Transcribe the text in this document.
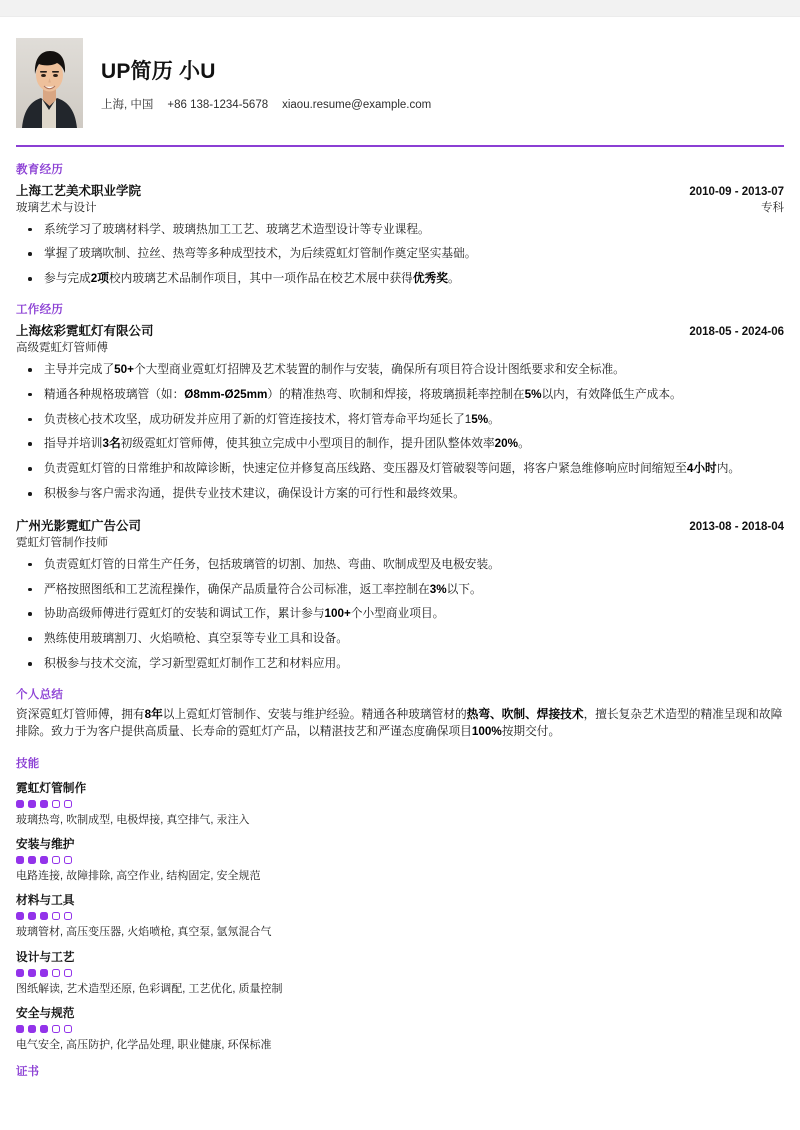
UP简历 小U
上海, 中国 +86 138-1234-5678 xiaou.resume@example.com
教育经历
上海工艺美术职业学院	2010-09 - 2013-07
玻璃艺术与设计	专科
系统学习了玻璃材料学、玻璃热加工工艺、玻璃艺术造型设计等专业课程。
掌握了玻璃吹制、拉丝、热弯等多种成型技术，为后续霓虹灯管制作奠定坚实基础。
参与完成2项校内玻璃艺术品制作项目，其中一项作品在校艺术展中获得优秀奖。
工作经历
上海炫彩霓虹灯有限公司	2018-05 - 2024-06
高级霓虹灯管师傅
主导并完成了50+个大型商业霓虹灯招牌及艺术装置的制作与安装，确保所有项目符合设计图纸要求和安全标准。
精通各种规格玻璃管（如：Ø8mm-Ø25mm）的精准热弯、吹制和焊接，将玻璃损耗率控制在5%以内，有效降低生产成本。
负责核心技术攻坚，成功研发并应用了新的灯管连接技术，将灯管寿命平均延长了15%。
指导并培训3名初级霓虹灯管师傅，使其独立完成中小型项目的制作，提升团队整体效率20%。
负责霓虹灯管的日常维护和故障诊断，快速定位并修复高压线路、变压器及灯管破裂等问题，将客户紧急维修响应时间缩短至4小时内。
积极参与客户需求沟通，提供专业技术建议，确保设计方案的可行性和最终效果。
广州光影霓虹广告公司	2013-08 - 2018-04
霓虹灯管制作技师
负责霓虹灯管的日常生产任务，包括玻璃管的切割、加热、弯曲、吹制成型及电极安装。
严格按照图纸和工艺流程操作，确保产品质量符合公司标准，返工率控制在3%以下。
协助高级师傅进行霓虹灯的安装和调试工作，累计参与100+个小型商业项目。
熟练使用玻璃割刀、火焰喷枪、真空泵等专业工具和设备。
积极参与技术交流，学习新型霓虹灯制作工艺和材料应用。
个人总结
资深霓虹灯管师傅，拥有8年以上霓虹灯管制作、安装与维护经验。精通各种玻璃管材的热弯、吹制、焊接技术，擅长复杂艺术造型的精准呈现和故障排除。致力于为客户提供高质量、长寿命的霓虹灯产品，以精湛技艺和严谨态度确保项目100%按期交付。
技能
霓虹灯管制作
玻璃热弯, 吹制成型, 电极焊接, 真空排气, 汞注入
安装与维护
电路连接, 故障排除, 高空作业, 结构固定, 安全规范
材料与工具
玻璃管材, 高压变压器, 火焰喷枪, 真空泵, 氩氖混合气
设计与工艺
图纸解读, 艺术造型还原, 色彩调配, 工艺优化, 质量控制
安全与规范
电气安全, 高压防护, 化学品处理, 职业健康, 环保标准
证书
